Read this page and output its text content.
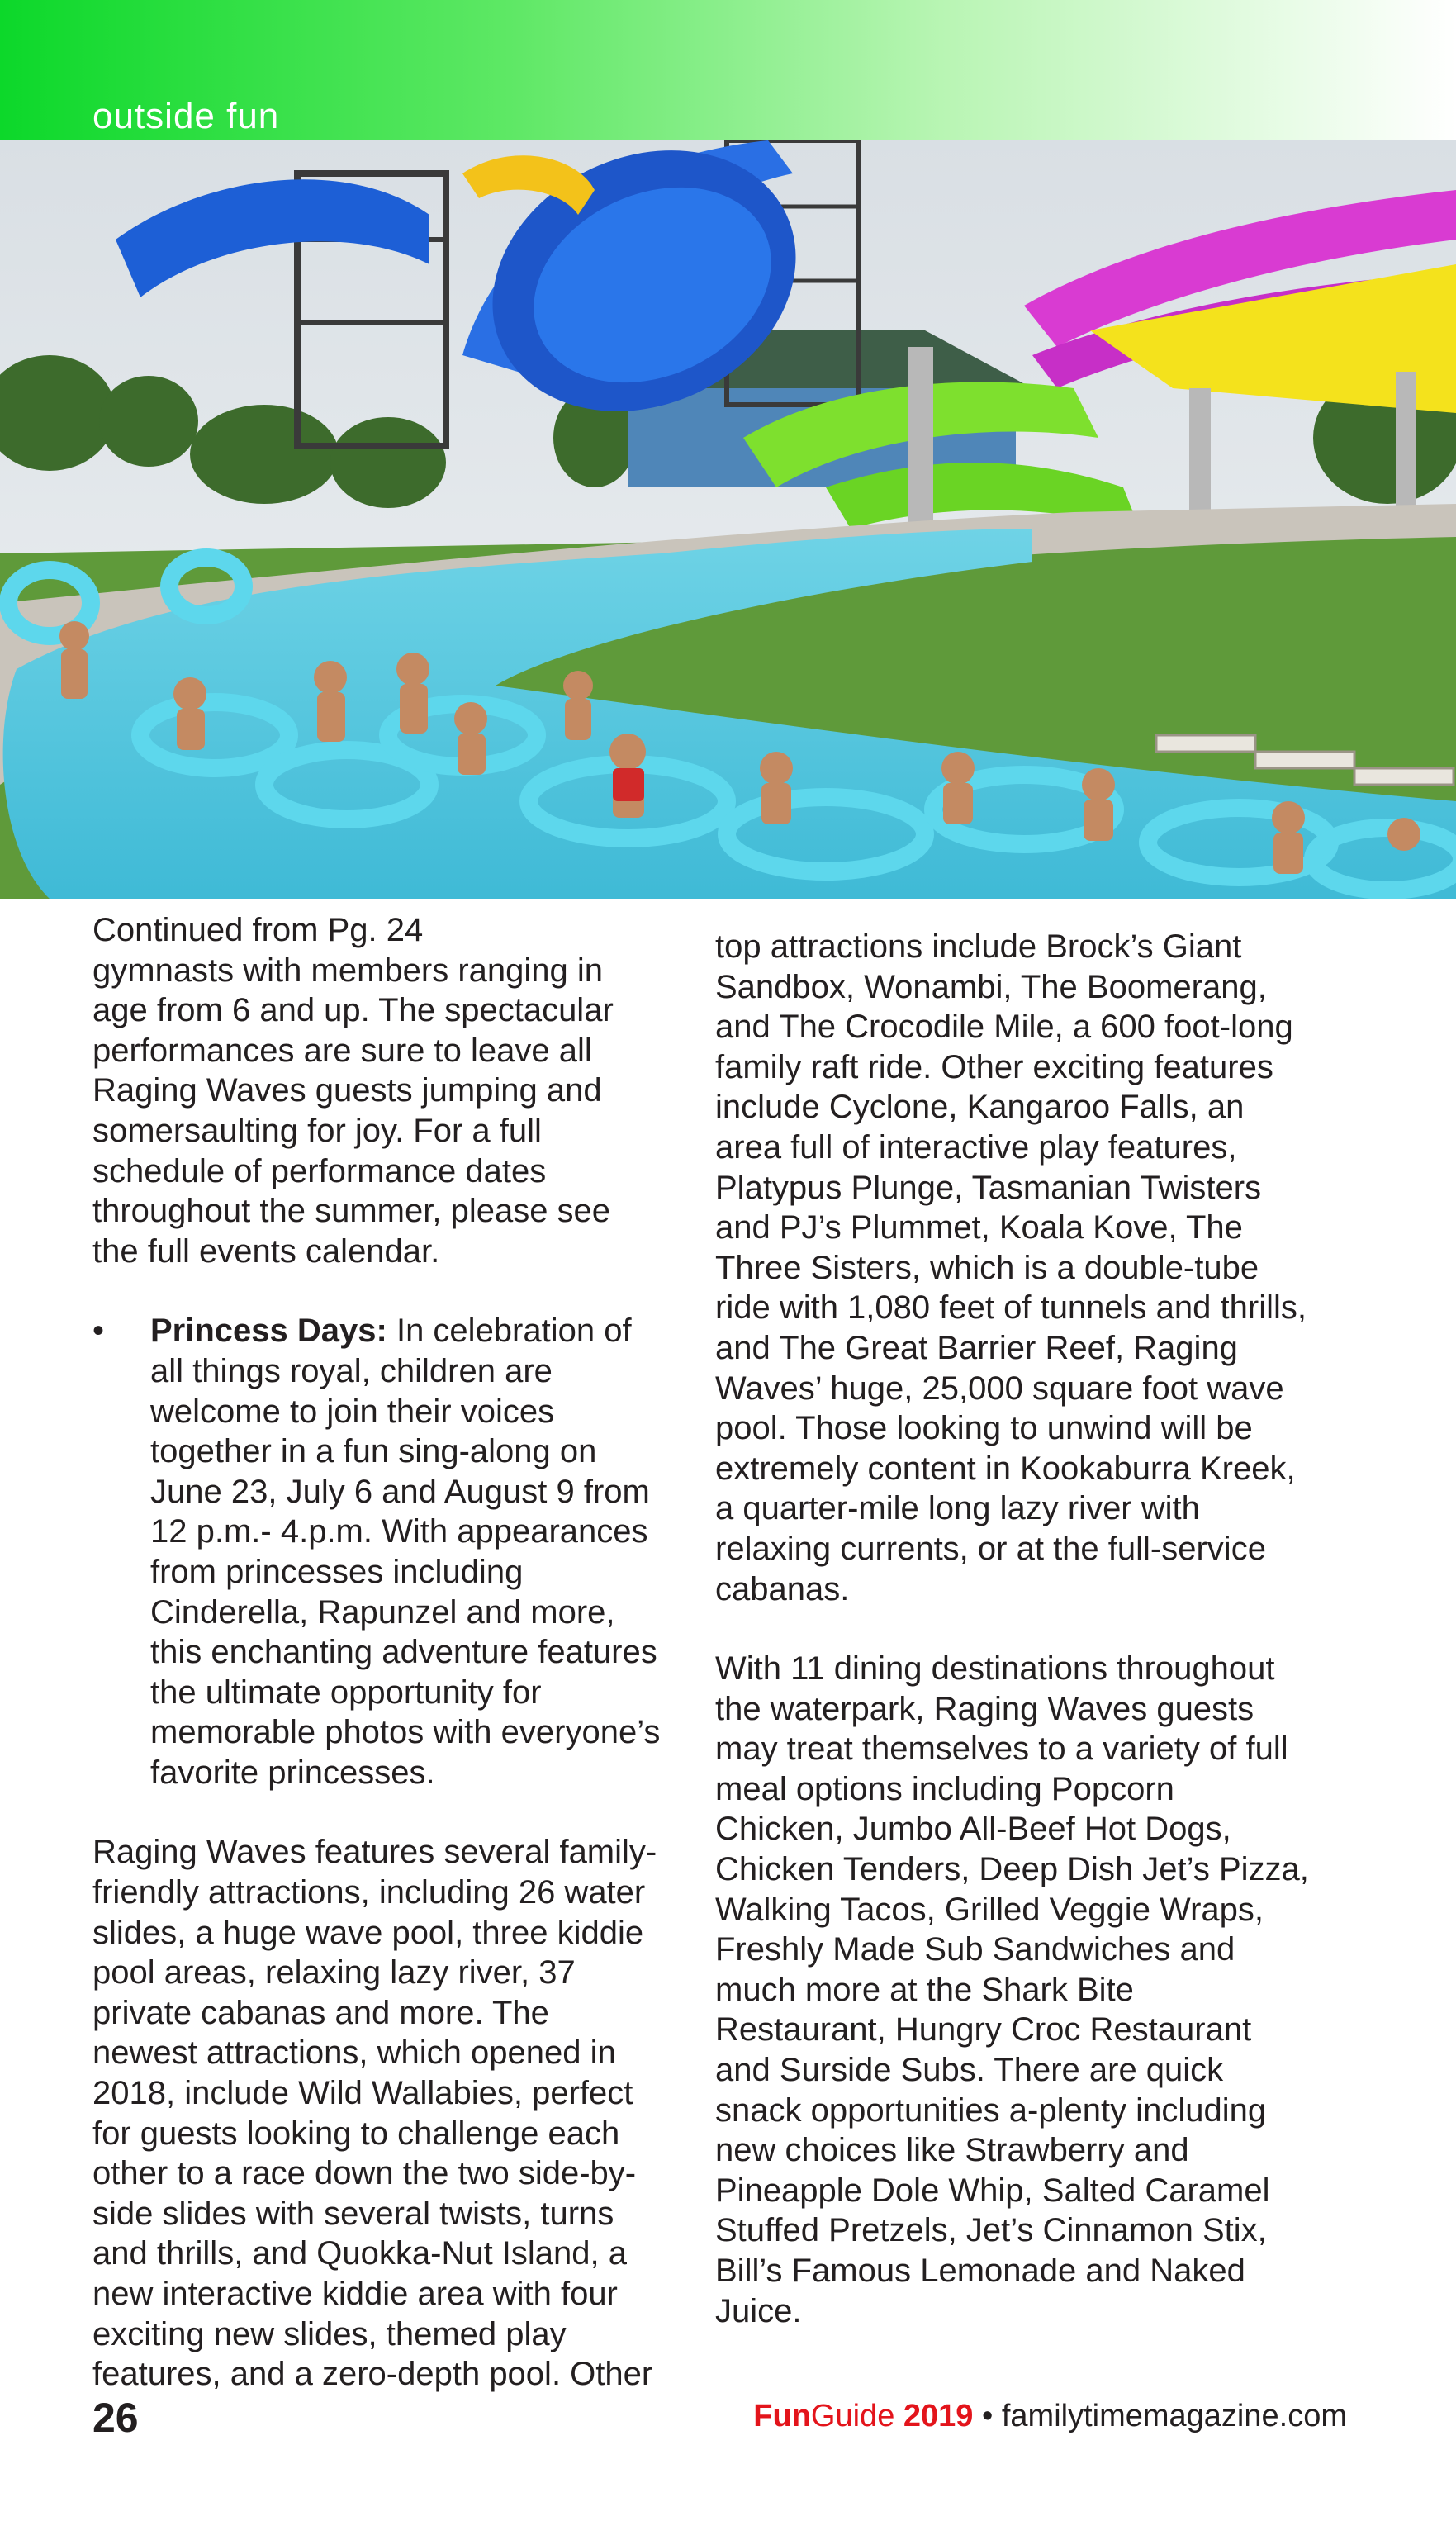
outside fun

Continued from Pg. 24

gymnasts with members ranging in age from 6 and up. The spectacular performances are sure to leave all Raging Waves guests jumping and somersaulting for joy. For a full schedule of performance dates throughout the summer, please see the full events calendar.

•	Princess Days: In celebration of all things royal, children are welcome to join their voices together in a fun sing-along on June 23, July 6 and August 9 from 12 p.m.- 4.p.m. With appearances from princesses including Cinderella, Rapunzel and more, this enchanting adventure features the ultimate opportunity for memorable photos with everyone’s favorite princesses.

Raging Waves features several family-friendly attractions, including 26 water slides, a huge wave pool, three kiddie pool areas, relaxing lazy river, 37 private cabanas and more. The newest attractions, which opened in 2018, include Wild Wallabies, perfect for guests looking to challenge each other to a race down the two side-by-side slides with several twists, turns and thrills, and Quokka-Nut Island, a new interactive kiddie area with four exciting new slides, themed play features, and a zero-depth pool. Other

top attractions include Brock’s Giant Sandbox, Wonambi, The Boomerang, and The Crocodile Mile, a 600 foot-long family raft ride. Other exciting features include Cyclone, Kangaroo Falls, an area full of interactive play features, Platypus Plunge, Tasmanian Twisters and PJ’s Plummet, Koala Kove, The Three Sisters, which is a double-tube ride with 1,080 feet of tunnels and thrills, and The Great Barrier Reef, Raging Waves’ huge, 25,000 square foot wave pool. Those looking to unwind will be extremely content in Kookaburra Kreek, a quarter-mile long lazy river with relaxing currents, or at the full-service cabanas.

With 11 dining destinations throughout the waterpark, Raging Waves guests may treat themselves to a variety of full meal options including Popcorn Chicken, Jumbo All-Beef Hot Dogs, Chicken Tenders, Deep Dish Jet’s Pizza, Walking Tacos, Grilled Veggie Wraps, Freshly Made Sub Sandwiches and much more at the Shark Bite Restaurant, Hungry Croc Restaurant and Surside Subs. There are quick snack opportunities a-plenty including new choices like Strawberry and Pineapple Dole Whip, Salted Caramel Stuffed Pretzels, Jet’s Cinnamon Stix, Bill’s Famous Lemonade and Naked Juice.

26	FunGuide 2019 • familytimemagazine.com
